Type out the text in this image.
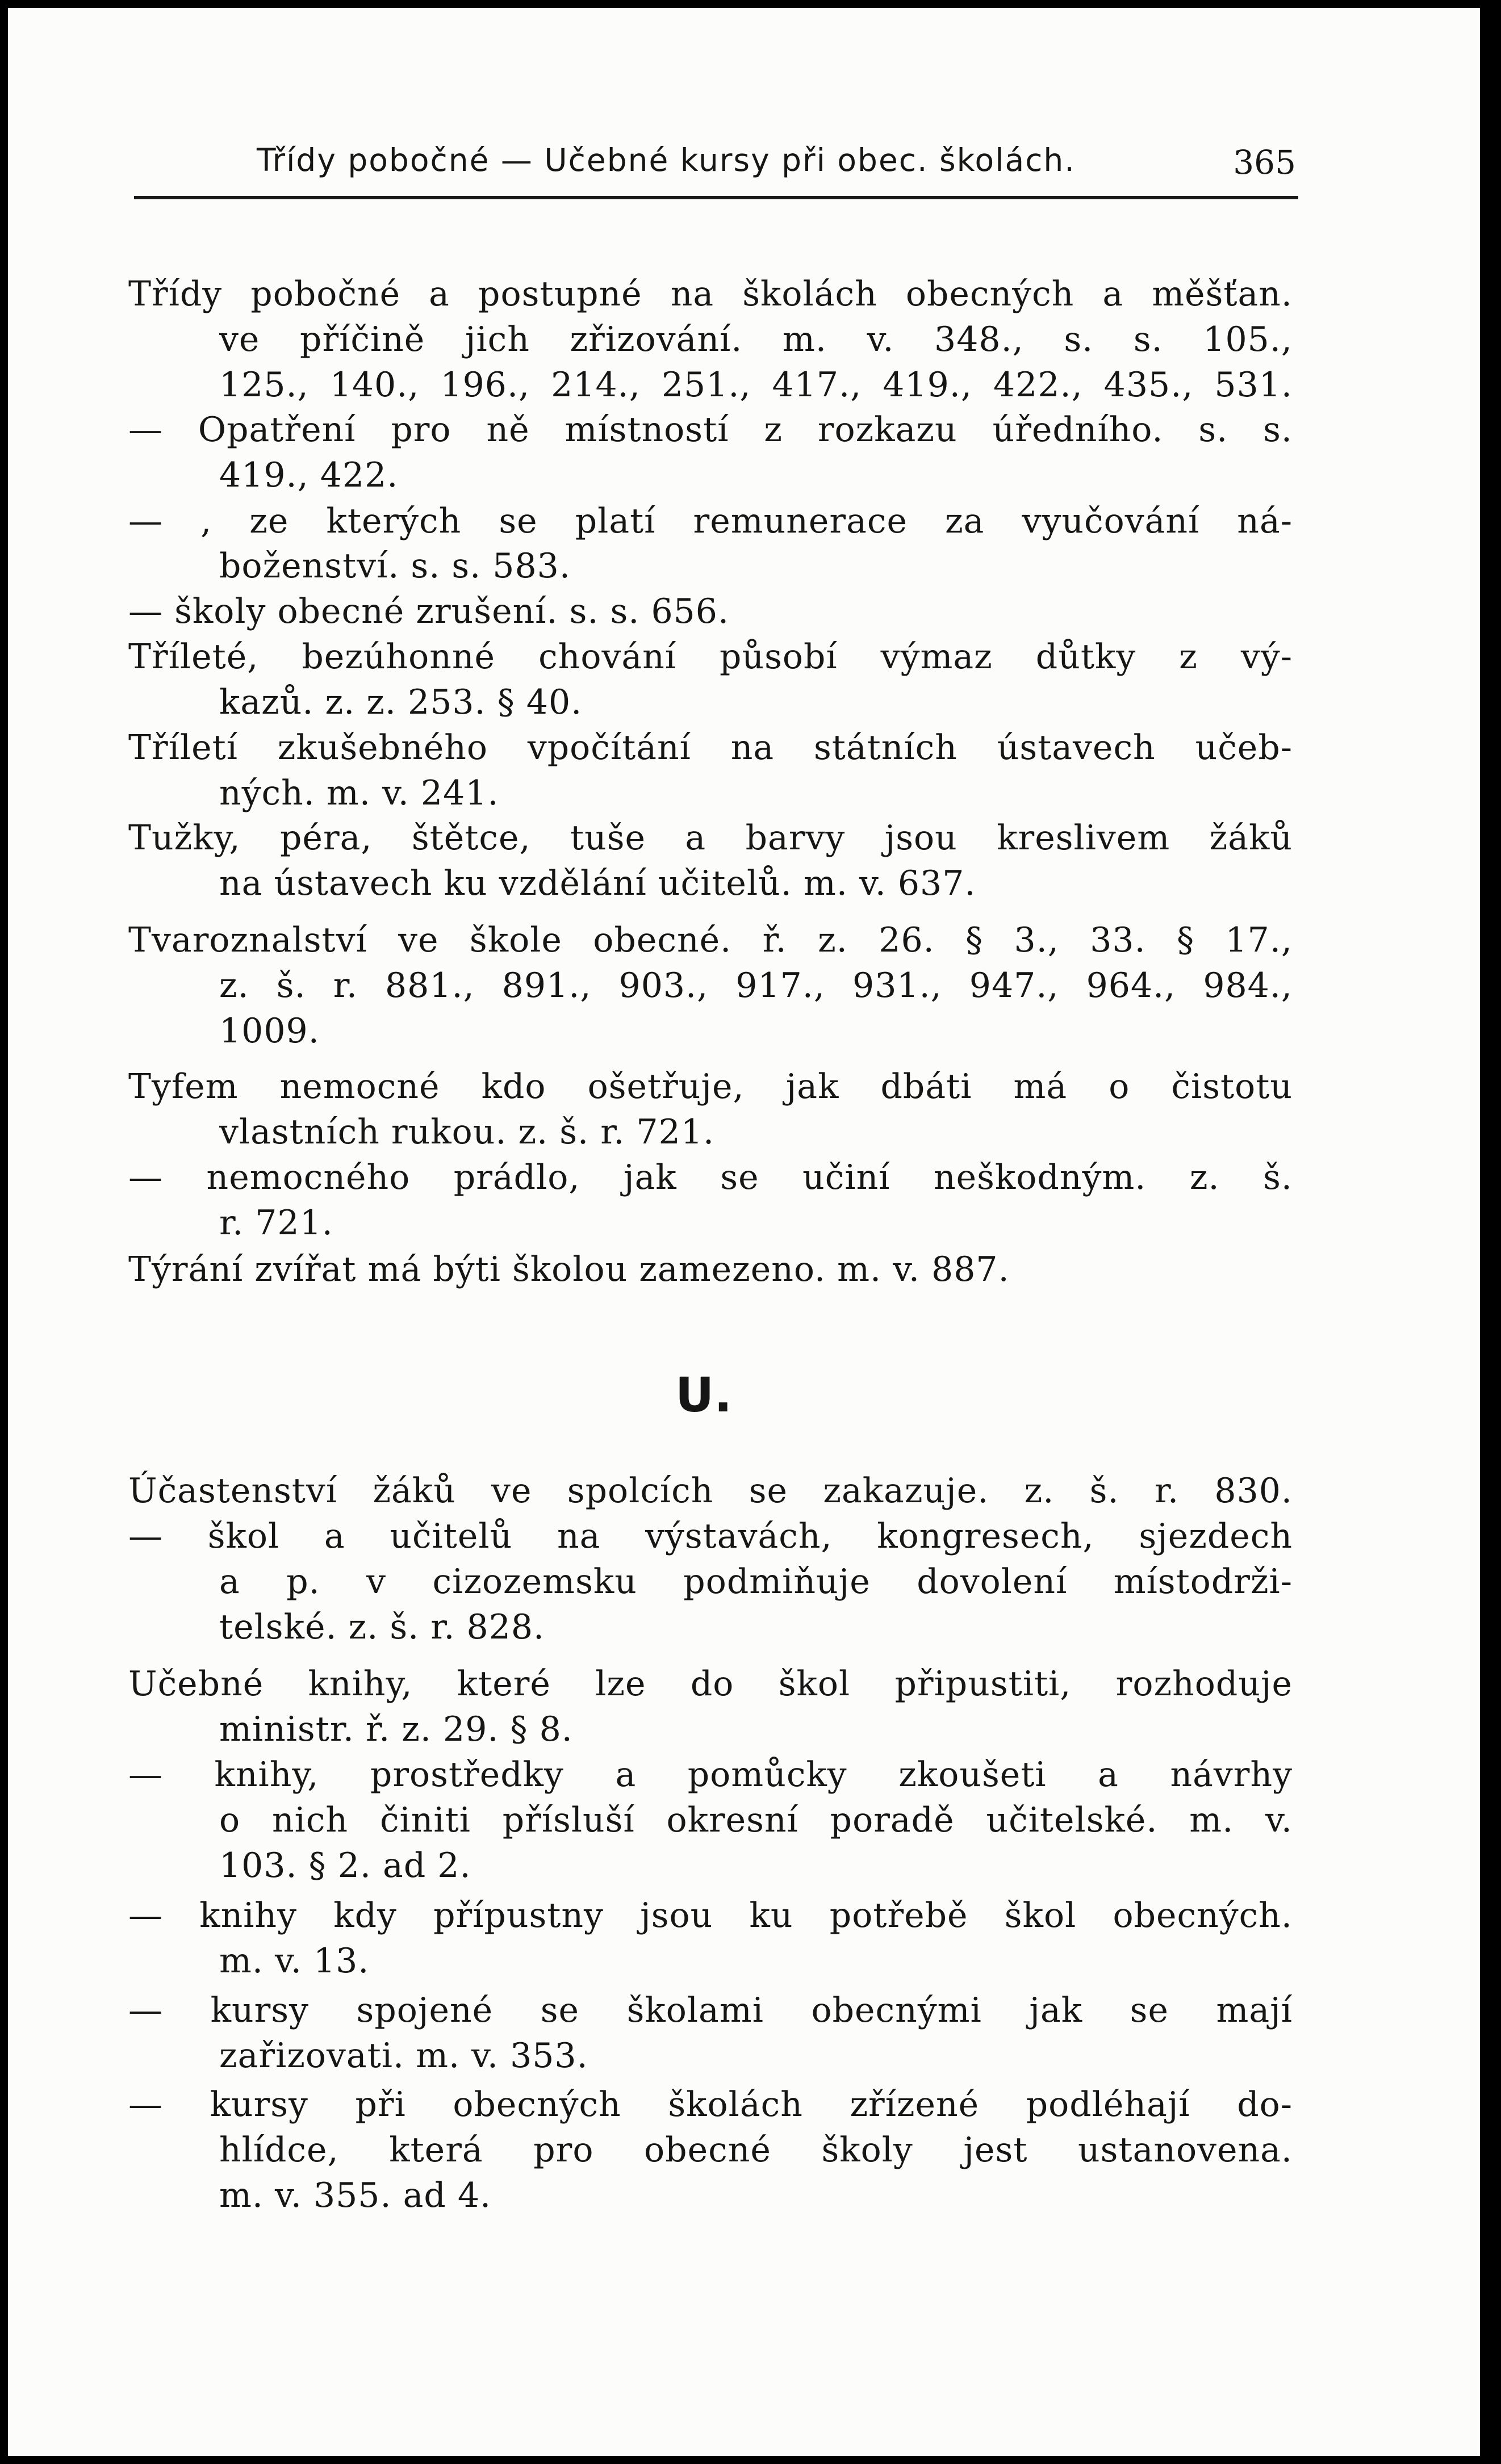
Třídy pobočné — Učebné kursy při obec. školách.	365
Třídy pobočné a postupné na školách obecných a měšťan.
ve příčině jich zřizování. m. v. 348., s. s. 105.,
125., 140., 196., 214., 251., 417., 419., 422., 435., 531.
— Opatření pro ně místností z rozkazu úředního. s. s.
419., 422.
— , ze kterých se platí remunerace za vyučování ná-
boženství. s. s. 583.
— školy obecné zrušení. s. s. 656.
Tříleté, bezúhonné chování působí výmaz důtky z vý-
kazů. z. z. 253. § 40.
Tříletí zkušebného vpočítání na státních ústavech učeb-
ných. m. v. 241.
Tužky, péra, štětce, tuše a barvy jsou kreslivem žáků
na ústavech ku vzdělání učitelů. m. v. 637.
Tvaroznalství ve škole obecné. ř. z. 26. § 3., 33. § 17.,
z. š. r. 881., 891., 903., 917., 931., 947., 964., 984.,
1009.
Tyfem nemocné kdo ošetřuje, jak dbáti má o čistotu
vlastních rukou. z. š. r. 721.
— nemocného prádlo, jak se učiní neškodným. z. š.
r. 721.
Týrání zvířat má býti školou zamezeno. m. v. 887.
U.
Účastenství žáků ve spolcích se zakazuje. z. š. r. 830.
— škol a učitelů na výstavách, kongresech, sjezdech
a p. v cizozemsku podmiňuje dovolení místodrži-
telské. z. š. r. 828.
Učebné knihy, které lze do škol připustiti, rozhoduje
ministr. ř. z. 29. § 8.
— knihy, prostředky a pomůcky zkoušeti a návrhy
o nich činiti přísluší okresní poradě učitelské. m. v.
103. § 2. ad 2.
— knihy kdy přípustny jsou ku potřebě škol obecných.
m. v. 13.
— kursy spojené se školami obecnými jak se mají
zařizovati. m. v. 353.
— kursy při obecných školách zřízené podléhají do-
hlídce, která pro obecné školy jest ustanovena.
m. v. 355. ad 4.
